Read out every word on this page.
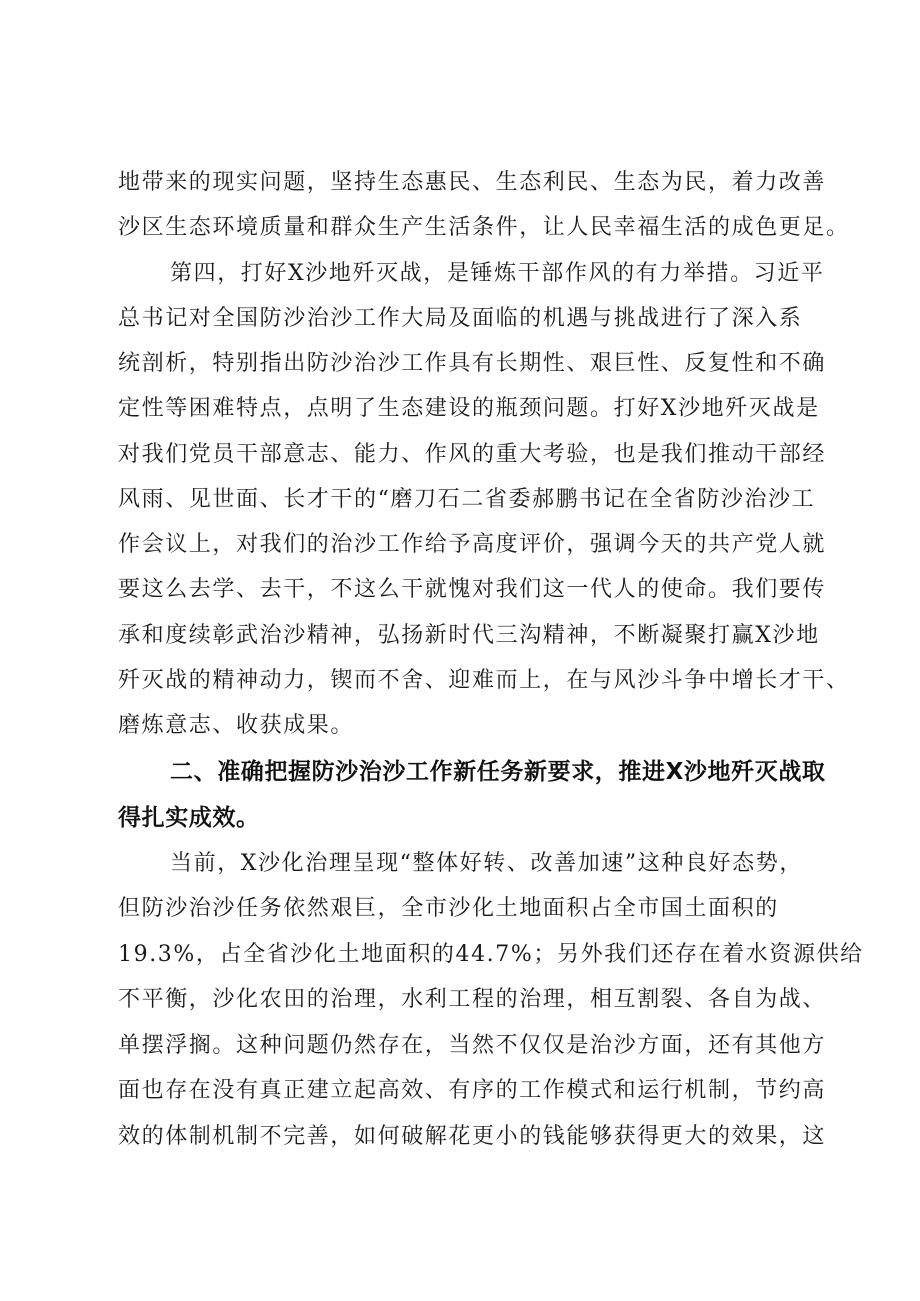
地带来的现实问题，坚持生态惠民、生态利民、生态为民，着力改善

沙区生态环境质量和群众生产生活条件，让人民幸福生活的成色更足。

第四，打好X沙地歼灭战，是锤炼干部作风的有力举措。习近平

总书记对全国防沙治沙工作大局及面临的机遇与挑战进行了深入系

统剖析，特别指出防沙治沙工作具有长期性、艰巨性、反复性和不确

定性等困难特点，点明了生态建设的瓶颈问题。打好X沙地歼灭战是

对我们党员干部意志、能力、作风的重大考验，也是我们推动干部经

风雨、见世面、长才干的“磨刀石二省委郝鹏书记在全省防沙治沙工

作会议上，对我们的治沙工作给予高度评价，强调今天的共产党人就

要这么去学、去干，不这么干就愧对我们这一代人的使命。我们要传

承和度续彰武治沙精神，弘扬新时代三沟精神，不断凝聚打赢X沙地

歼灭战的精神动力，锲而不舍、迎难而上，在与风沙斗争中增长才干、

磨炼意志、收获成果。

二、准确把握防沙治沙工作新任务新要求，推进X沙地歼灭战取
得扎实成效。

当前，X沙化治理呈现“整体好转、改善加速”这种良好态势，

但防沙治沙任务依然艰巨，全市沙化土地面积占全市国土面积的

19.3%，占全省沙化土地面积的44.7%；另外我们还存在着水资源供给

不平衡，沙化农田的治理，水利工程的治理，相互割裂、各自为战、

单摆浮搁。这种问题仍然存在，当然不仅仅是治沙方面，还有其他方

面也存在没有真正建立起高效、有序的工作模式和运行机制，节约高

效的体制机制不完善，如何破解花更小的钱能够获得更大的效果，这
